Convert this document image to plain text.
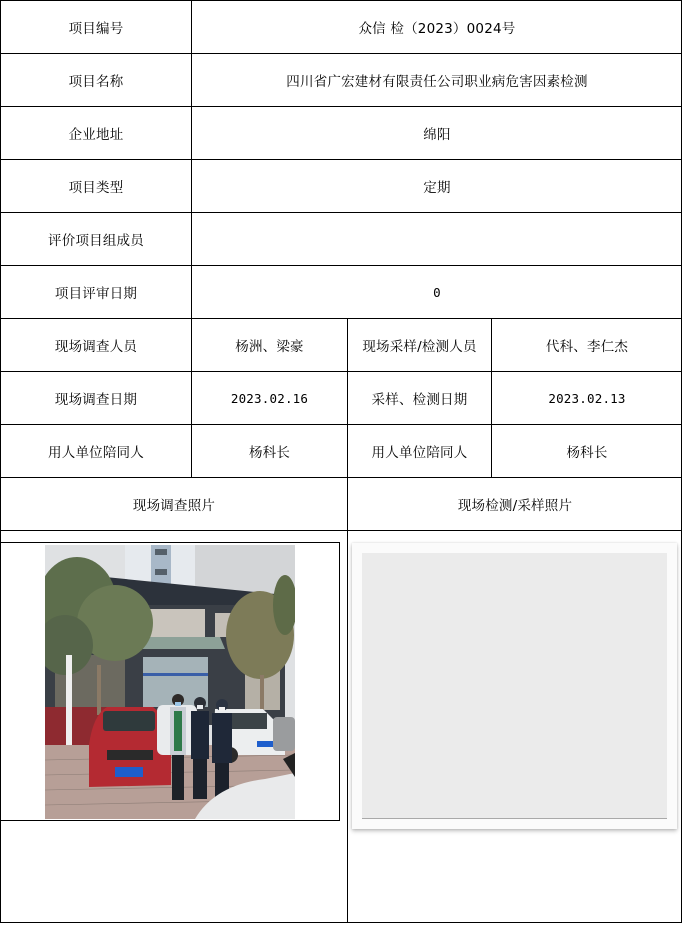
项目编号	众信 检（2023）0024号
项目名称	四川省广宏建材有限责任公司职业病危害因素检测
企业地址	绵阳
项目类型	定期
评价项目组成员
项目评审日期	0
现场调查人员	杨洲、梁豪	现场采样/检测人员	代科、李仁杰
现场调查日期	2023.02.16	采样、检测日期	2023.02.13
用人单位陪同人	杨科长	用人单位陪同人	杨科长
现场调查照片	现场检测/采样照片
